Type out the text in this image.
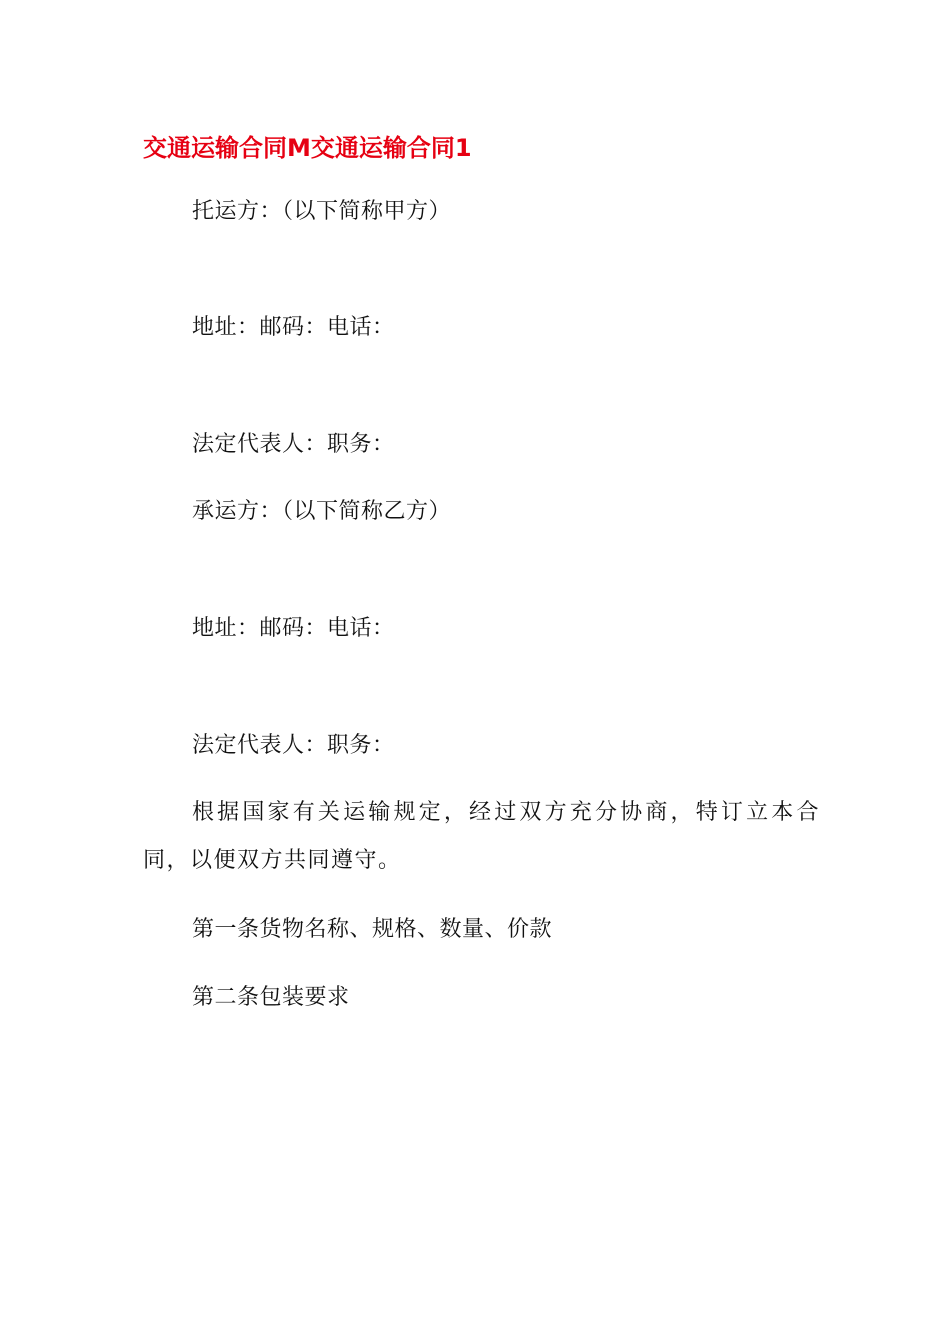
交通运输合同M交通运输合同1
托运方：（以下简称甲方）
地址：邮码：电话：
法定代表人：职务：
承运方：（以下简称乙方）
地址：邮码：电话：
法定代表人：职务：
根据国家有关运输规定，经过双方充分协商，特订立本合同，以便双方共同遵守。
第一条货物名称、规格、数量、价款
第二条包装要求
